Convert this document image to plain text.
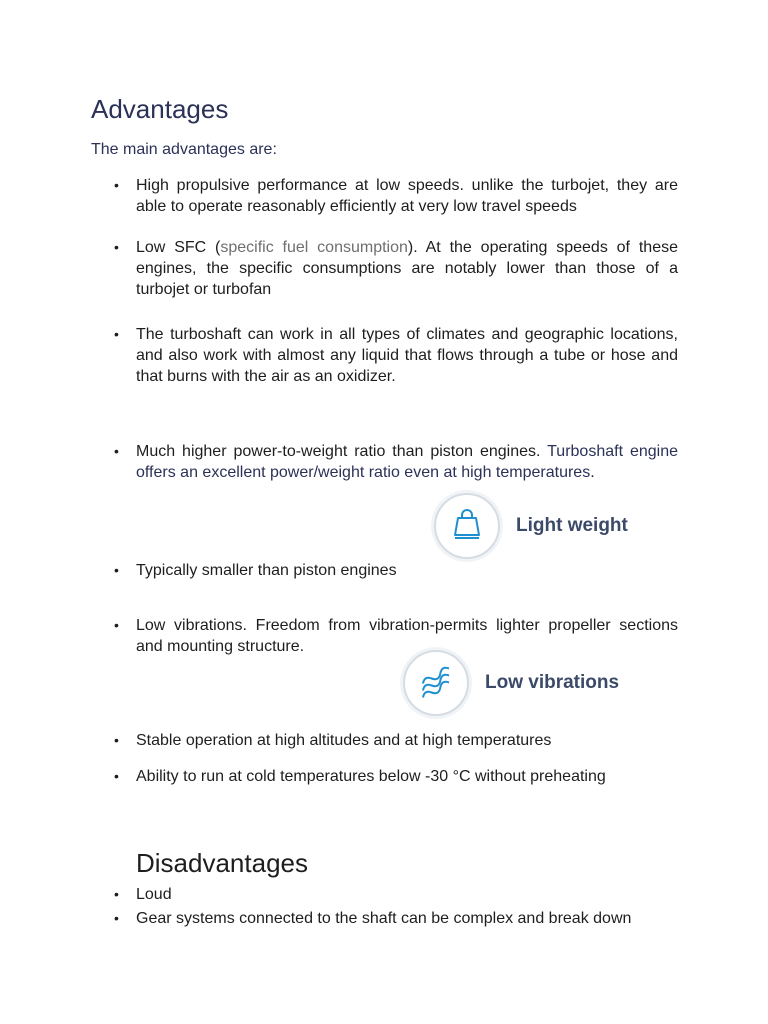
Advantages
The main advantages are:
• High propulsive performance at low speeds. unlike the turbojet, they are able to operate reasonably efficiently at very low travel speeds
• Low SFC (specific fuel consumption). At the operating speeds of these engines, the specific consumptions are notably lower than those of a turbojet or turbofan
• The turboshaft can work in all types of climates and geographic locations, and also work with almost any liquid that flows through a tube or hose and that burns with the air as an oxidizer.
• Much higher power-to-weight ratio than piston engines. Turboshaft engine offers an excellent power/weight ratio even at high temperatures.
Light weight
• Typically smaller than piston engines
• Low vibrations. Freedom from vibration-permits lighter propeller sections and mounting structure.
Low vibrations
• Stable operation at high altitudes and at high temperatures
• Ability to run at cold temperatures below -30 °C without preheating
Disadvantages
• Loud
• Gear systems connected to the shaft can be complex and break down
